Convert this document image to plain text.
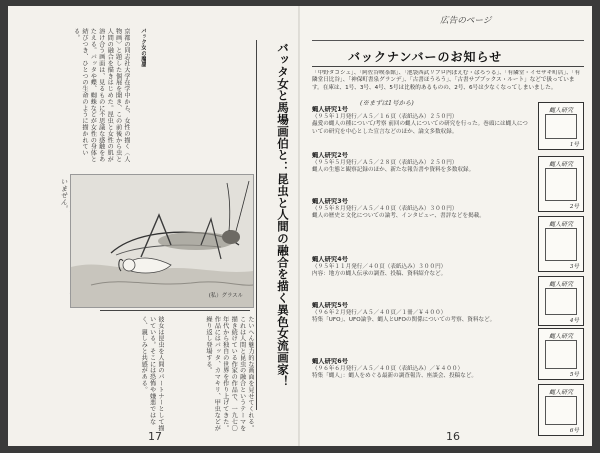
京都の同志社大学在学中から、女性の描く〈人物画〉と題した個展を開き、この前後から虫と人間の融合を描きはじめた。昆虫と女性の肌が溶け合う画面は、見るものに不思議な感触をあたえる。バッタや蝶、蜘蛛などが女性の身体と結びつき、ひとつの生命のように描かれている。	パック女の魔墨
いません。	バッタ女と馬場画伯と：昆虫と人間の融合を描く異色女流画家！
(私）グラスル
たいへん魅力的な画面を見せてくれる。これは人間と昆虫の融合というテーマを描き続けている作家の作品で、一九七〇年代から独自の世界を作り上げてきた。作品にはバッタ、カマキリ、甲虫などが繰り返し登場する。
彼女は昆虫を人間のパートナーとして描いている。そこには恐怖や嫌悪ではなく、親しみと共感がある。
17
広告のページ
バックナンバーのお知らせ
「中野タコシェ」、「阿佐谷喫茶館」、「池袋西武リブロ内ぽえむ・ぱろうる」、「有隣堂・イセザキ町店」、「有隣堂日比谷」、「神保町書泉グランデ」、「古書ほうろう」、「古書サブブックス・ルート」などで扱っています。在庫は、1号、3号、4号、5号は比較的あるものの、2号、6号は少なくなってしまいました。
(※まずは1号から)
蝿人研究1号
（９５年１月発行／Ａ５／１６頁（表紙込み）２５０円）
蟲愛の蝿人の種について/考察 前回の蝿人についての研究を行った。巻頭には蝿人についての研究を中心とした宣言などのほか、論文多数収録。
蝿人研究2号
（９５年５月発行／Ａ５／２８頁（表紙込み）２５０円）
蝿人の生態と観察記録のほか、新たな報告書や資料を多数収録。
蝿人研究3号
（９５年８月発行／Ａ５／４０頁（表紙込み）３００円）
蝿人の歴史と文化についての論考、インタビュー、書評などを掲載。
蝿人研究4号
（９５年１１月発行／４０頁（表紙込み）３００円）
内容：地方の蝿人伝承の調査、投稿、資料紹介など。
蝿人研究5号
（９６年２月発行／Ａ５／４０頁／１冊／￥４００）
特集「UFO」、UFO論争、蝿人とUFOの関係についての考察、資料など。
蝿人研究6号
（９６年６月発行／Ａ５／４０頁（表紙込み）／￥４００）
特集「蝿人」：蝿人をめぐる最新の調査報告、座談会、投稿など。
蝿人研究
1号
蝿人研究
2号
蝿人研究
3号
蝿人研究
4号
蝿人研究
5号
蝿人研究
6号
16
